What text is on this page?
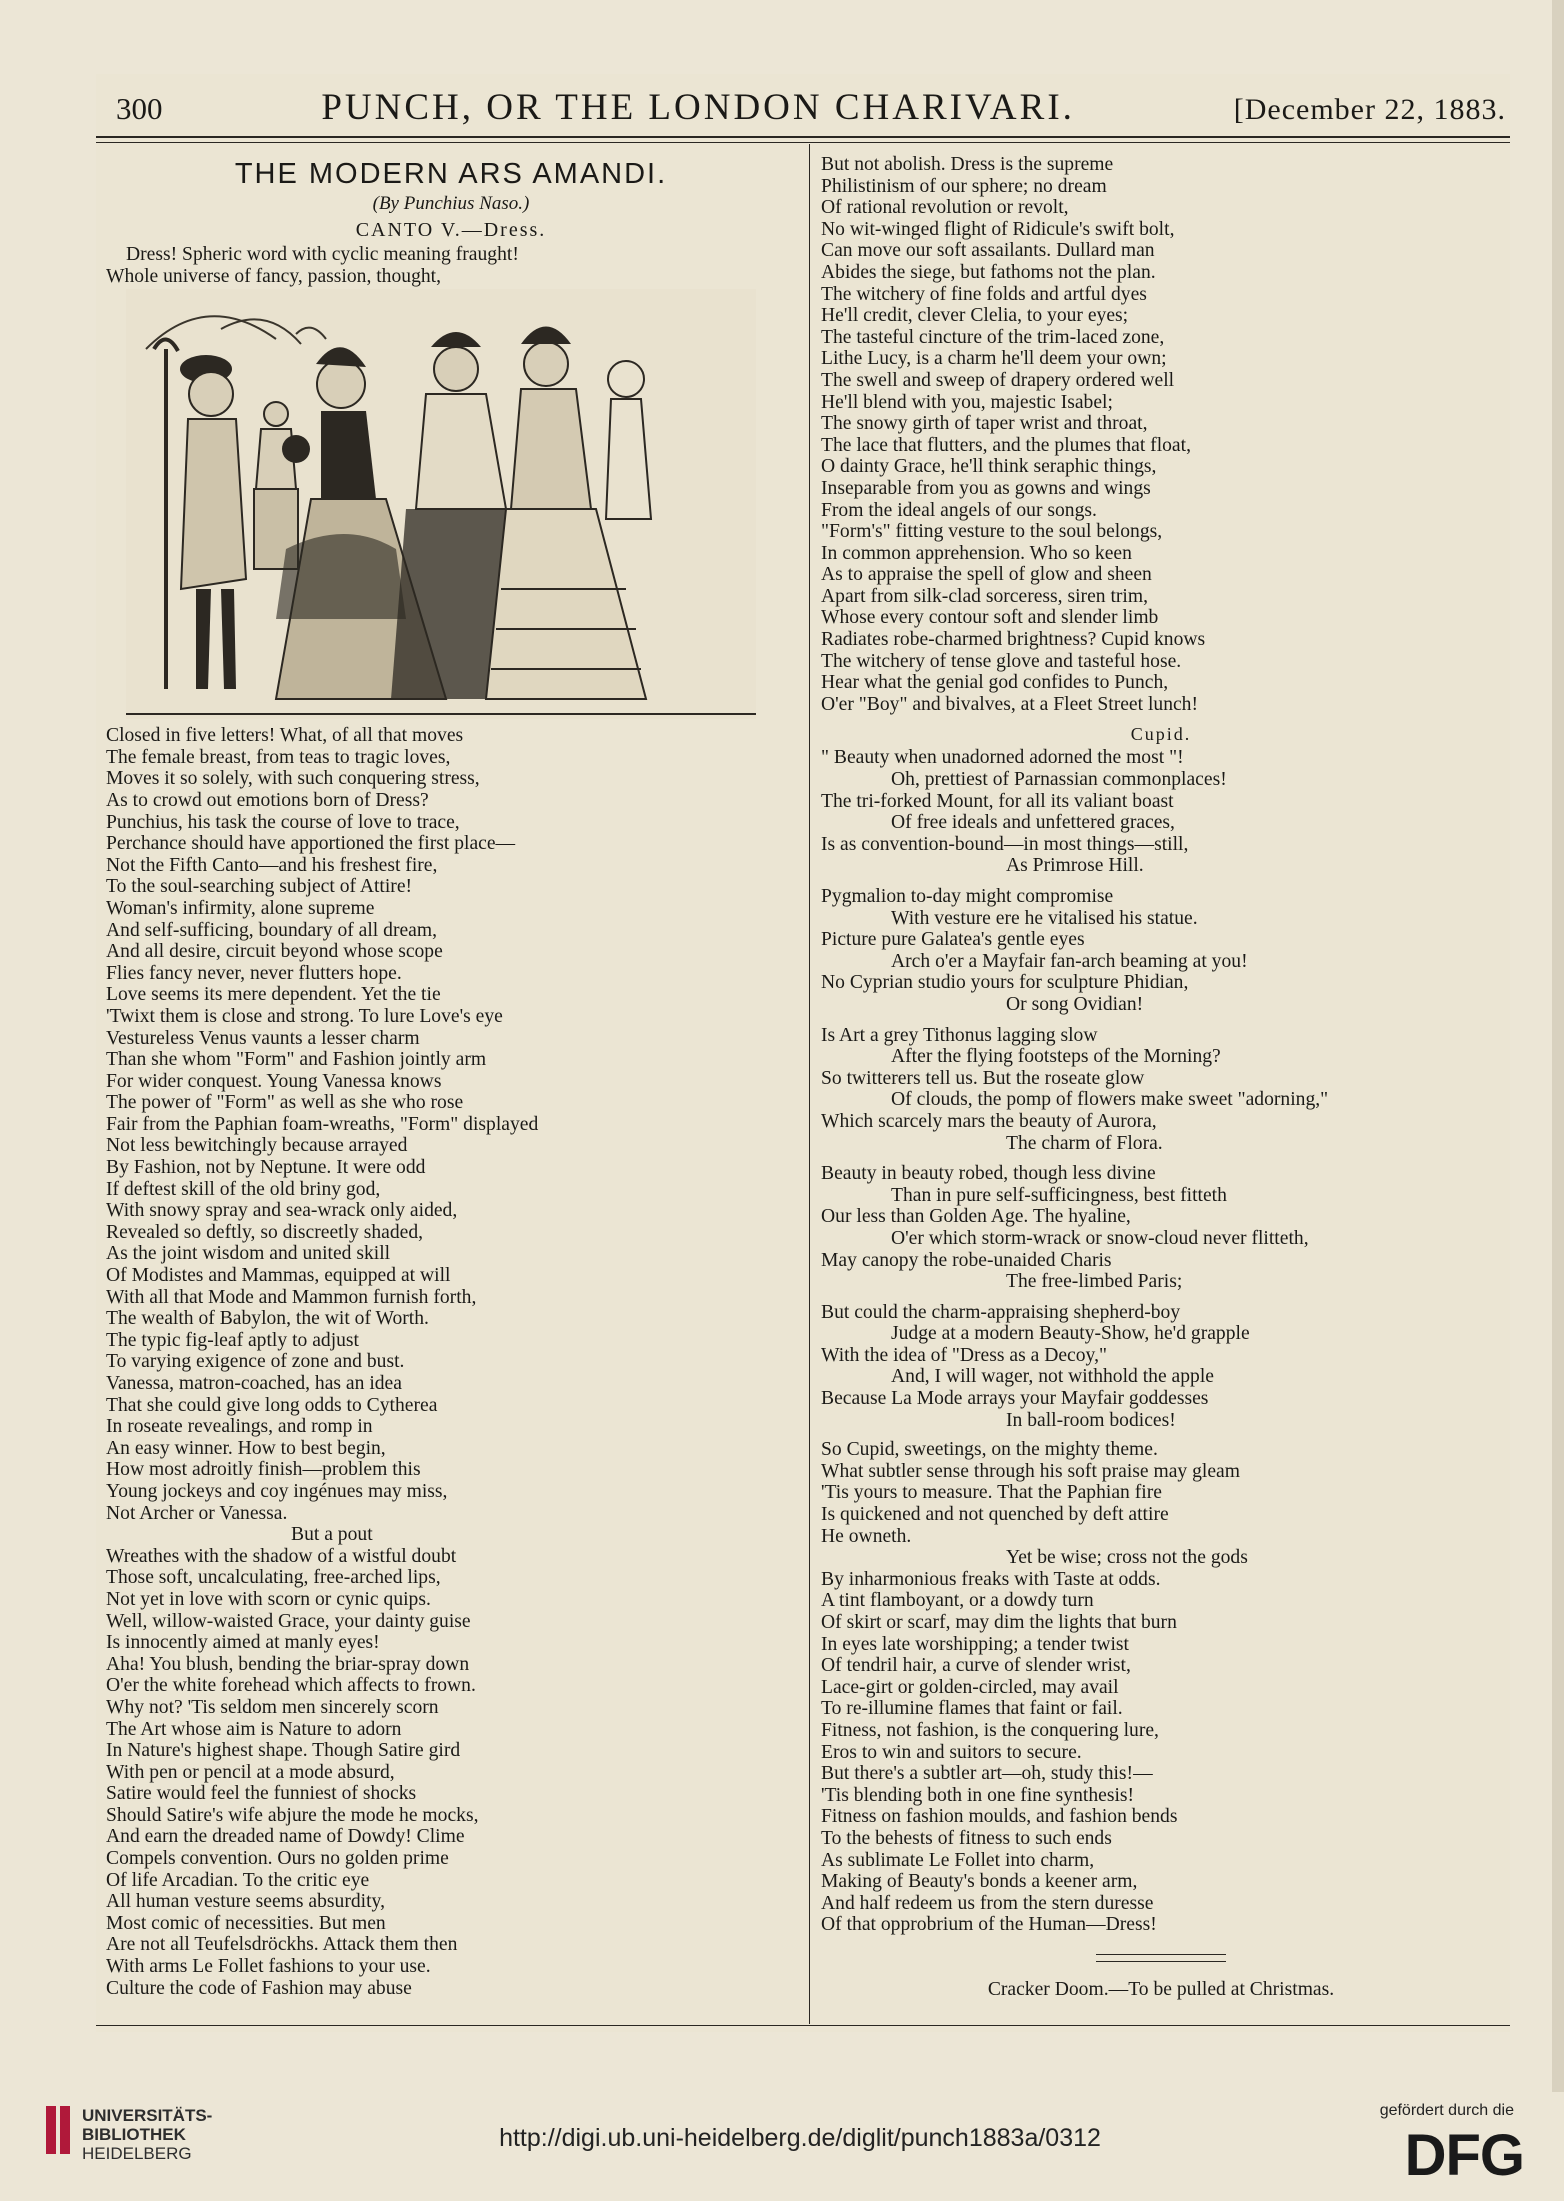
300	PUNCH, OR THE LONDON CHARIVARI.	[December 22, 1883.
THE MODERN ARS AMANDI.
(By Punchius Naso.)
CANTO V.—Dress.
Dress! Spheric word with cyclic meaning fraught!
Whole universe of fancy, passion, thought,
Closed in five letters! What, of all that moves
The female breast, from teas to tragic loves,
Moves it so solely, with such conquering stress,
As to crowd out emotions born of Dress?
Punchius, his task the course of love to trace,
Perchance should have apportioned the first place—
Not the Fifth Canto—and his freshest fire,
To the soul-searching subject of Attire!
Woman's infirmity, alone supreme
And self-sufficing, boundary of all dream,
And all desire, circuit beyond whose scope
Flies fancy never, never flutters hope.
Love seems its mere dependent. Yet the tie
'Twixt them is close and strong. To lure Love's eye
Vestureless Venus vaunts a lesser charm
Than she whom "Form" and Fashion jointly arm
For wider conquest. Young Vanessa knows
The power of "Form" as well as she who rose
Fair from the Paphian foam-wreaths, "Form" displayed
Not less bewitchingly because arrayed
By Fashion, not by Neptune. It were odd
If deftest skill of the old briny god,
With snowy spray and sea-wrack only aided,
Revealed so deftly, so discreetly shaded,
As the joint wisdom and united skill
Of Modistes and Mammas, equipped at will
With all that Mode and Mammon furnish forth,
The wealth of Babylon, the wit of Worth.
The typic fig-leaf aptly to adjust
To varying exigence of zone and bust.
Vanessa, matron-coached, has an idea
That she could give long odds to Cytherea
In roseate revealings, and romp in
An easy winner. How to best begin,
How most adroitly finish—problem this
Young jockeys and coy ingénues may miss,
Not Archer or Vanessa.
But a pout
Wreathes with the shadow of a wistful doubt
Those soft, uncalculating, free-arched lips,
Not yet in love with scorn or cynic quips.
Well, willow-waisted Grace, your dainty guise
Is innocently aimed at manly eyes!
Aha! You blush, bending the briar-spray down
O'er the white forehead which affects to frown.
Why not? 'Tis seldom men sincerely scorn
The Art whose aim is Nature to adorn
In Nature's highest shape. Though Satire gird
With pen or pencil at a mode absurd,
Satire would feel the funniest of shocks
Should Satire's wife abjure the mode he mocks,
And earn the dreaded name of Dowdy! Clime
Compels convention. Ours no golden prime
Of life Arcadian. To the critic eye
All human vesture seems absurdity,
Most comic of necessities. But men
Are not all Teufelsdröckhs. Attack them then
With arms Le Follet fashions to your use.
Culture the code of Fashion may abuse
But not abolish. Dress is the supreme
Philistinism of our sphere; no dream
Of rational revolution or revolt,
No wit-winged flight of Ridicule's swift bolt,
Can move our soft assailants. Dullard man
Abides the siege, but fathoms not the plan.
The witchery of fine folds and artful dyes
He'll credit, clever Clelia, to your eyes;
The tasteful cincture of the trim-laced zone,
Lithe Lucy, is a charm he'll deem your own;
The swell and sweep of drapery ordered well
He'll blend with you, majestic Isabel;
The snowy girth of taper wrist and throat,
The lace that flutters, and the plumes that float,
O dainty Grace, he'll think seraphic things,
Inseparable from you as gowns and wings
From the ideal angels of our songs.
"Form's" fitting vesture to the soul belongs,
In common apprehension. Who so keen
As to appraise the spell of glow and sheen
Apart from silk-clad sorceress, siren trim,
Whose every contour soft and slender limb
Radiates robe-charmed brightness? Cupid knows
The witchery of tense glove and tasteful hose.
Hear what the genial god confides to Punch,
O'er "Boy" and bivalves, at a Fleet Street lunch!
Cupid.
" Beauty when unadorned adorned the most "!
Oh, prettiest of Parnassian commonplaces!
The tri-forked Mount, for all its valiant boast
Of free ideals and unfettered graces,
Is as convention-bound—in most things—still,
As Primrose Hill.
Pygmalion to-day might compromise
With vesture ere he vitalised his statue.
Picture pure Galatea's gentle eyes
Arch o'er a Mayfair fan-arch beaming at you!
No Cyprian studio yours for sculpture Phidian,
Or song Ovidian!
Is Art a grey Tithonus lagging slow
After the flying footsteps of the Morning?
So twitterers tell us. But the roseate glow
Of clouds, the pomp of flowers make sweet "adorning,"
Which scarcely mars the beauty of Aurora,
The charm of Flora.
Beauty in beauty robed, though less divine
Than in pure self-sufficingness, best fitteth
Our less than Golden Age. The hyaline,
O'er which storm-wrack or snow-cloud never flitteth,
May canopy the robe-unaided Charis
The free-limbed Paris;
But could the charm-appraising shepherd-boy
Judge at a modern Beauty-Show, he'd grapple
With the idea of "Dress as a Decoy,"
And, I will wager, not withhold the apple
Because La Mode arrays your Mayfair goddesses
In ball-room bodices!
So Cupid, sweetings, on the mighty theme.
What subtler sense through his soft praise may gleam
'Tis yours to measure. That the Paphian fire
Is quickened and not quenched by deft attire
He owneth.
Yet be wise; cross not the gods
By inharmonious freaks with Taste at odds.
A tint flamboyant, or a dowdy turn
Of skirt or scarf, may dim the lights that burn
In eyes late worshipping; a tender twist
Of tendril hair, a curve of slender wrist,
Lace-girt or golden-circled, may avail
To re-illumine flames that faint or fail.
Fitness, not fashion, is the conquering lure,
Eros to win and suitors to secure.
But there's a subtler art—oh, study this!—
'Tis blending both in one fine synthesis!
Fitness on fashion moulds, and fashion bends
To the behests of fitness to such ends
As sublimate Le Follet into charm,
Making of Beauty's bonds a keener arm,
And half redeem us from the stern duresse
Of that opprobrium of the Human—Dress!
Cracker Doom.—To be pulled at Christmas.
UNIVERSITÄTS-
BIBLIOTHEK
HEIDELBERG
http://digi.ub.uni-heidelberg.de/diglit/punch1883a/0312
gefördert durch die
DFG
